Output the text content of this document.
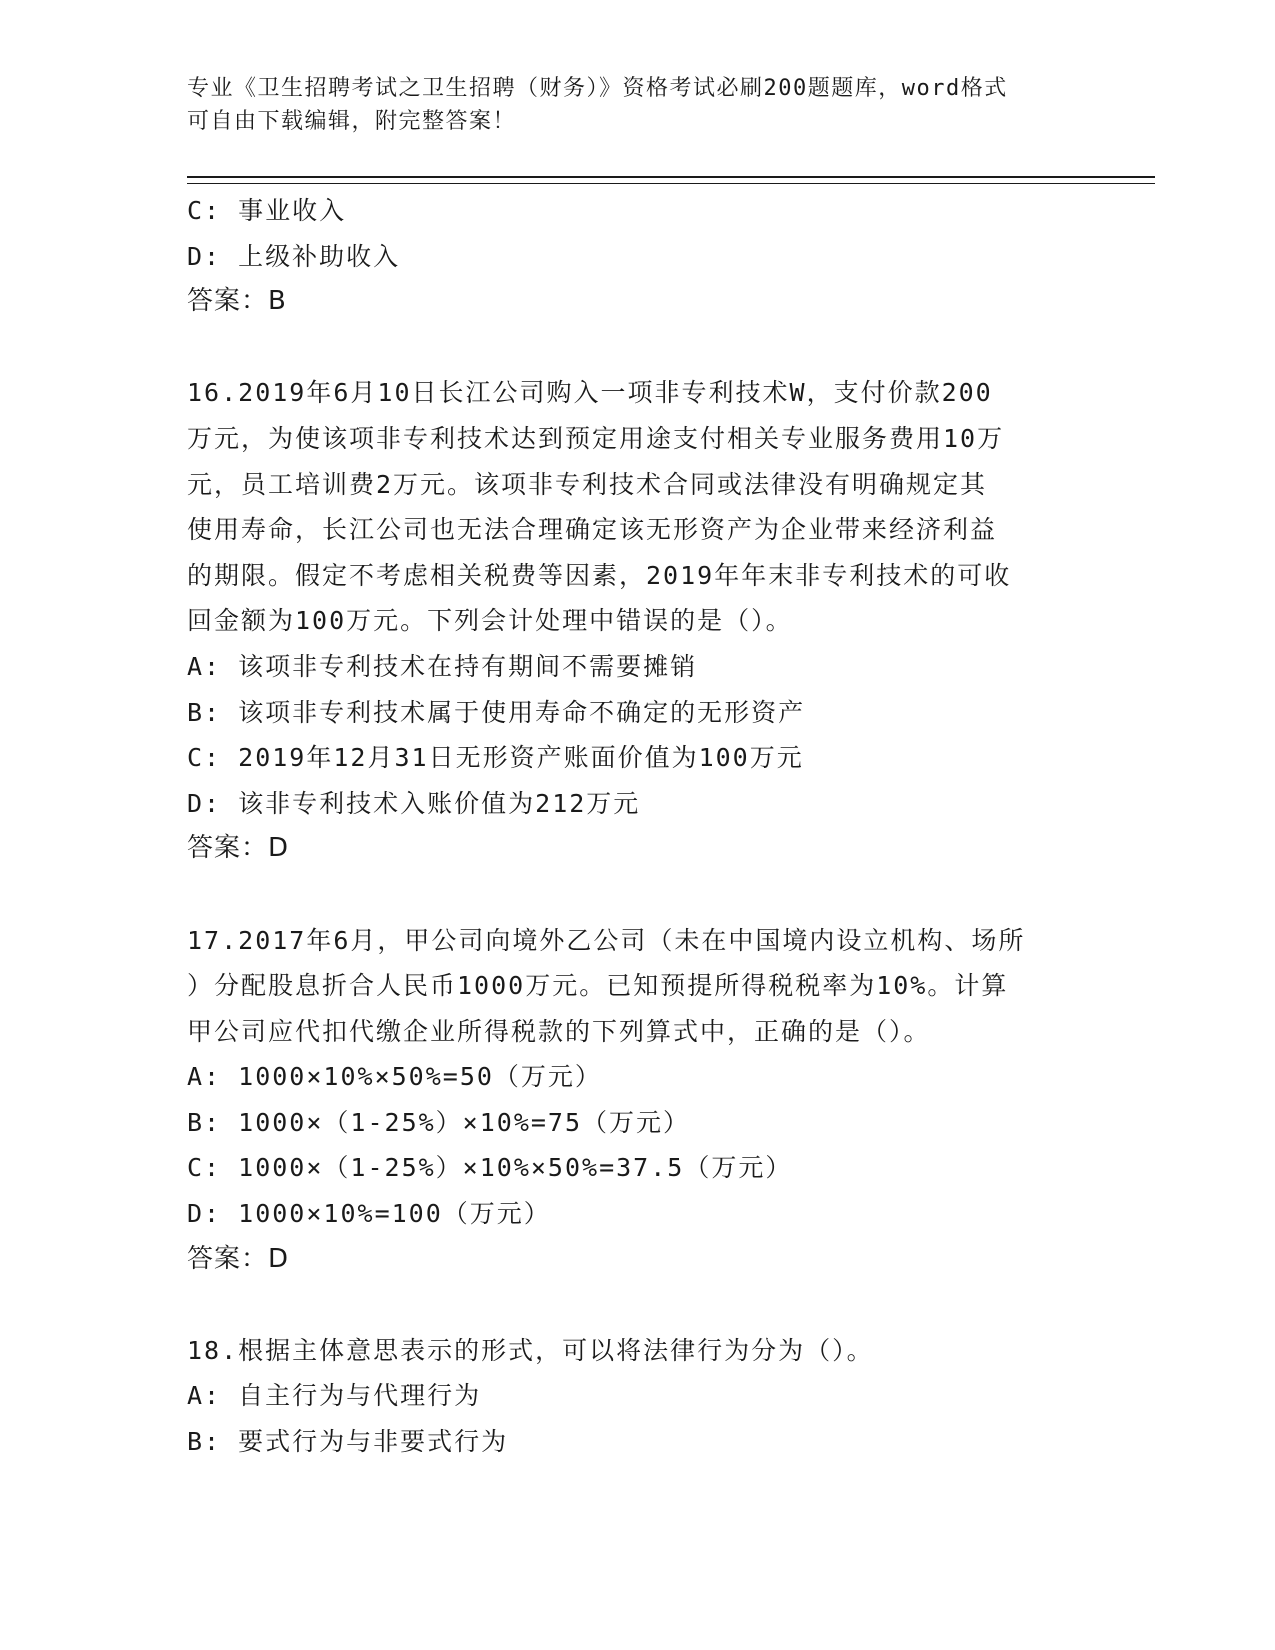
专业《卫生招聘考试之卫生招聘（财务）》资格考试必刷200题题库，word格式
可自由下载编辑，附完整答案！
C: 事业收入
D: 上级补助收入
答案：B
16.2019年6月10日长江公司购入一项非专利技术W，支付价款200
万元，为使该项非专利技术达到预定用途支付相关专业服务费用10万
元，员工培训费2万元。该项非专利技术合同或法律没有明确规定其
使用寿命，长江公司也无法合理确定该无形资产为企业带来经济利益
的期限。假定不考虑相关税费等因素，2019年年末非专利技术的可收
回金额为100万元。下列会计处理中错误的是（）。
A: 该项非专利技术在持有期间不需要摊销
B: 该项非专利技术属于使用寿命不确定的无形资产
C: 2019年12月31日无形资产账面价值为100万元
D: 该非专利技术入账价值为212万元
答案：D
17.2017年6月，甲公司向境外乙公司（未在中国境内设立机构、场所
）分配股息折合人民币1000万元。已知预提所得税税率为10%。计算
甲公司应代扣代缴企业所得税款的下列算式中，正确的是（）。
A: 1000×10%×50%=50（万元）
B: 1000×（1-25%）×10%=75（万元）
C: 1000×（1-25%）×10%×50%=37.5（万元）
D: 1000×10%=100（万元）
答案：D
18.根据主体意思表示的形式，可以将法律行为分为（）。
A: 自主行为与代理行为
B: 要式行为与非要式行为
